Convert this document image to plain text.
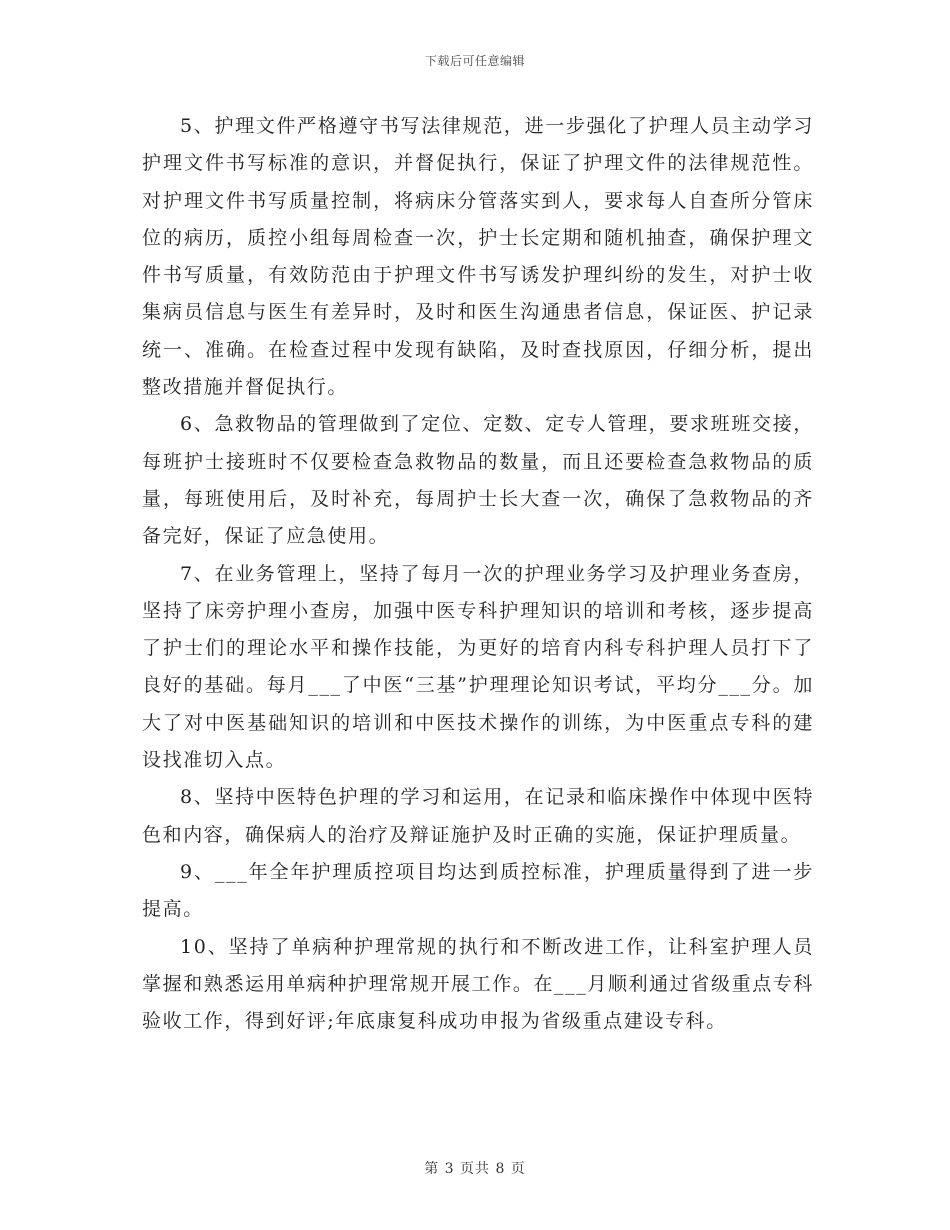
下载后可任意编辑

5、护理文件严格遵守书写法律规范，进一步强化了护理人员主动学习护理文件书写标准的意识，并督促执行，保证了护理文件的法律规范性。对护理文件书写质量控制，将病床分管落实到人，要求每人自查所分管床位的病历，质控小组每周检查一次，护士长定期和随机抽查，确保护理文件书写质量，有效防范由于护理文件书写诱发护理纠纷的发生，对护士收集病员信息与医生有差异时，及时和医生沟通患者信息，保证医、护记录统一、准确。在检查过程中发现有缺陷，及时查找原因，仔细分析，提出整改措施并督促执行。

6、急救物品的管理做到了定位、定数、定专人管理，要求班班交接，每班护士接班时不仅要检查急救物品的数量，而且还要检查急救物品的质量，每班使用后，及时补充，每周护士长大查一次，确保了急救物品的齐备完好，保证了应急使用。

7、在业务管理上，坚持了每月一次的护理业务学习及护理业务查房，坚持了床旁护理小查房，加强中医专科护理知识的培训和考核，逐步提高了护士们的理论水平和操作技能，为更好的培育内科专科护理人员打下了良好的基础。每月___了中医“三基”护理理论知识考试，平均分___分。加大了对中医基础知识的培训和中医技术操作的训练，为中医重点专科的建设找准切入点。

8、坚持中医特色护理的学习和运用，在记录和临床操作中体现中医特色和内容，确保病人的治疗及辩证施护及时正确的实施，保证护理质量。

9、___年全年护理质控项目均达到质控标准，护理质量得到了进一步提高。

10、坚持了单病种护理常规的执行和不断改进工作，让科室护理人员掌握和熟悉运用单病种护理常规开展工作。在___月顺利通过省级重点专科验收工作，得到好评;年底康复科成功申报为省级重点建设专科。

第 3 页共 8 页
